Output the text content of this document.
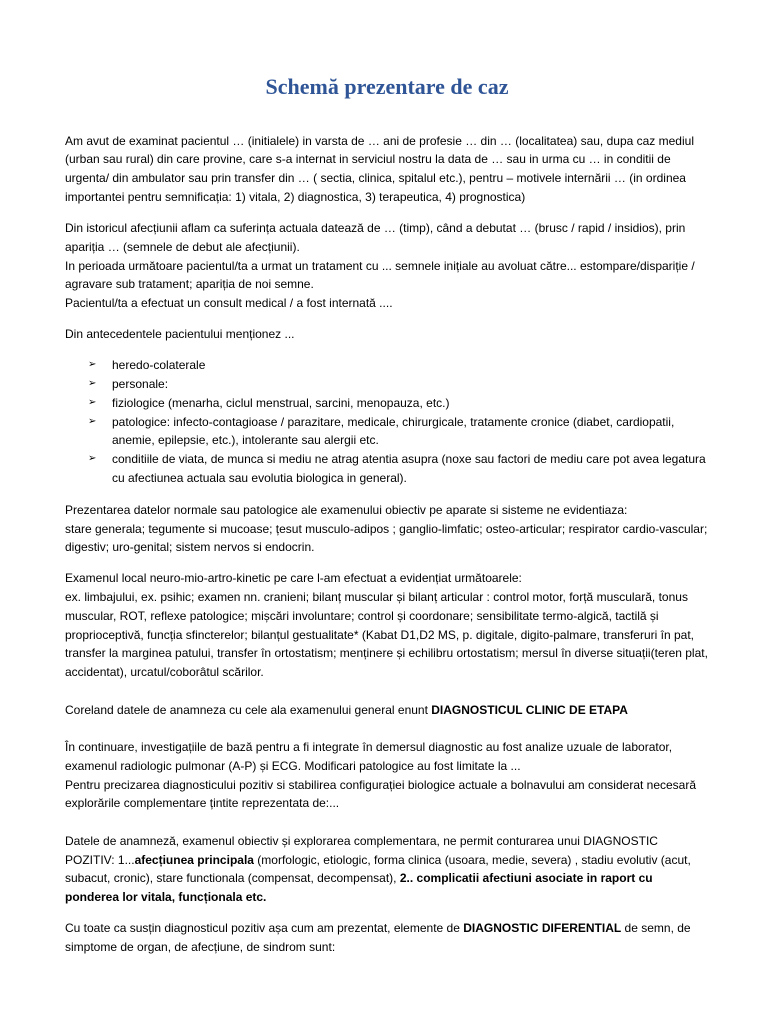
Schemă prezentare de caz

Am avut de examinat pacientul … (initialele) in varsta de … ani de profesie … din … (localitatea) sau, dupa caz mediul (urban sau rural) din care provine, care s-a internat in serviciul nostru la data de … sau in urma cu … in conditii de urgenta/ din ambulator sau prin transfer din … ( sectia, clinica, spitalul etc.), pentru – motivele internării … (in ordinea importantei pentru semnificația: 1) vitala, 2) diagnostica, 3) terapeutica, 4) prognostica)

Din istoricul afecțiunii aflam ca suferința actuala datează de … (timp), când a debutat … (brusc / rapid / insidios), prin apariția … (semnele de debut ale afecțiunii).
In perioada următoare pacientul/ta a urmat un tratament cu ... semnele inițiale au avoluat către... estompare/dispariție / agravare sub tratament; apariția de noi semne.
Pacientul/ta a efectuat un consult medical / a fost internată ....

Din antecedentele pacientului menționez ...

➢
heredo-colaterale
➢
personale:
➢
fiziologice (menarha, ciclul menstrual, sarcini, menopauza, etc.)
➢
patologice: infecto-contagioase / parazitare, medicale, chirurgicale, tratamente cronice (diabet, cardiopatii, anemie, epilepsie, etc.), intolerante sau alergii etc.
➢
conditiile de viata, de munca si mediu ne atrag atentia asupra (noxe sau factori de mediu care pot avea legatura cu afectiunea actuala sau evolutia biologica in general).

Prezentarea datelor normale sau patologice ale examenului obiectiv pe aparate si sisteme ne evidentiaza:
stare generala; tegumente si mucoase; țesut musculo-adipos ; ganglio-limfatic; osteo-articular; respirator cardio-vascular; digestiv; uro-genital; sistem nervos si endocrin.

Examenul local neuro-mio-artro-kinetic pe care l-am efectuat a evidențiat următoarele:
ex. limbajului, ex. psihic; examen nn. cranieni; bilanț muscular și bilanț articular : control motor, forță musculară, tonus muscular, ROT, reflexe patologice; mișcări involuntare; control și coordonare; sensibilitate termo-algică, tactilă și proprioceptivă, funcția sfincterelor; bilanțul gestualitate* (Kabat D1,D2 MS, p. digitale, digito-palmare, transferuri în pat, transfer la marginea patului, transfer în ortostatism; menținere și echilibru ortostatism; mersul în diverse situații(teren plat, accidentat), urcatul/coborâtul scărilor.

Coreland datele de anamneza cu cele ala examenului general enunt DIAGNOSTICUL CLINIC DE ETAPA

În continuare, investigațiile de bază pentru a fi integrate în demersul diagnostic au fost analize uzuale de laborator, examenul radiologic pulmonar (A-P) și ECG. Modificari patologice au fost limitate la ...
Pentru precizarea diagnosticului pozitiv si stabilirea configurației biologice actuale a bolnavului am considerat necesară explorările complementare țintite reprezentata de:...

Datele de anamneză, examenul obiectiv și explorarea complementara, ne permit conturarea unui DIAGNOSTIC POZITIV: 1...afecțiunea principala (morfologic, etiologic, forma clinica (usoara, medie, severa) , stadiu evolutiv (acut, subacut, cronic), stare functionala (compensat, decompensat), 2.. complicatii afectiuni asociate in raport cu ponderea lor vitala, funcționala etc.

Cu toate ca susțin diagnosticul pozitiv așa cum am prezentat, elemente de DIAGNOSTIC DIFERENTIAL de semn, de simptome de organ, de afecțiune, de sindrom sunt:
